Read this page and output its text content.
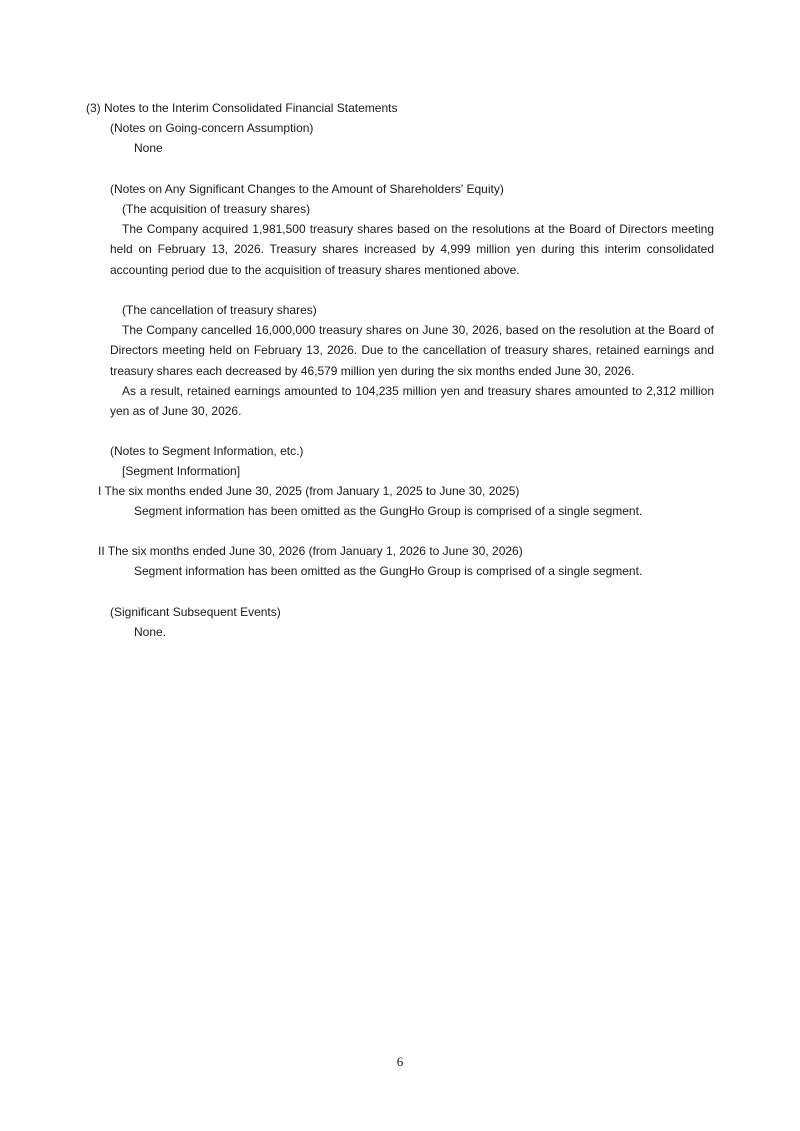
(3) Notes to the Interim Consolidated Financial Statements
(Notes on Going-concern Assumption)
None
(Notes on Any Significant Changes to the Amount of Shareholders' Equity)
(The acquisition of treasury shares)
The Company acquired 1,981,500 treasury shares based on the resolutions at the Board of Directors meeting held on February 13, 2026. Treasury shares increased by 4,999 million yen during this interim consolidated accounting period due to the acquisition of treasury shares mentioned above.
(The cancellation of treasury shares)
The Company cancelled 16,000,000 treasury shares on June 30, 2026, based on the resolution at the Board of Directors meeting held on February 13, 2026. Due to the cancellation of treasury shares, retained earnings and treasury shares each decreased by 46,579 million yen during the six months ended June 30, 2026.
As a result, retained earnings amounted to 104,235 million yen and treasury shares amounted to 2,312 million yen as of June 30, 2026.
(Notes to Segment Information, etc.)
[Segment Information]
I The six months ended June 30, 2025 (from January 1, 2025 to June 30, 2025)
Segment information has been omitted as the GungHo Group is comprised of a single segment.
II The six months ended June 30, 2026 (from January 1, 2026 to June 30, 2026)
Segment information has been omitted as the GungHo Group is comprised of a single segment.
(Significant Subsequent Events)
None.
6
